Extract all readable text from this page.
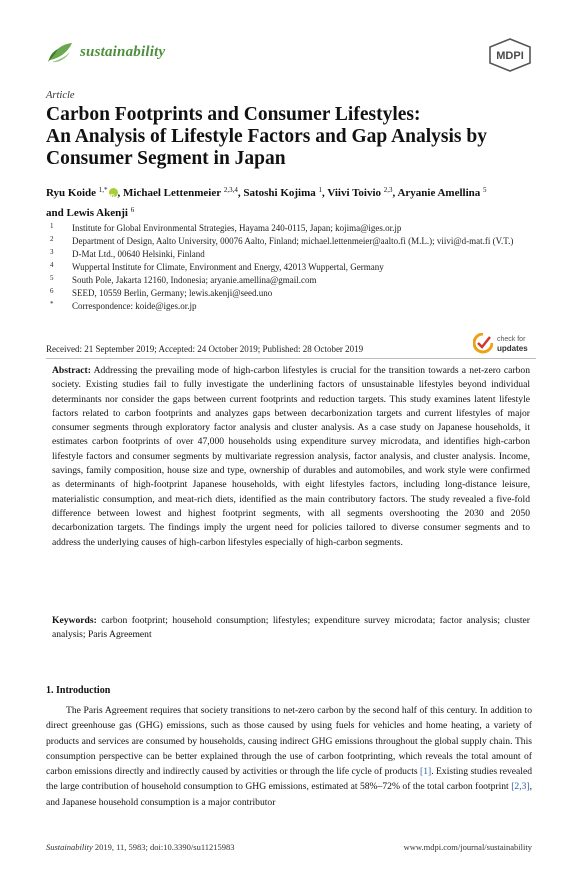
sustainability	MDPI
Article
Carbon Footprints and Consumer Lifestyles:
An Analysis of Lifestyle Factors and Gap Analysis by
Consumer Segment in Japan
Ryu Koide $^{1,*}$iD , Michael Lettenmeier $^{2,3,4}$, Satoshi Kojima $^1$, Viivi Toivio $^{2,3}$, Aryanie Amellina $^5$
and Lewis Akenji $^6$
1 Institute for Global Environmental Strategies, Hayama 240-0115, Japan; kojima@iges.or.jp
2 Department of Design, Aalto University, 00076 Aalto, Finland; michael.lettenmeier@aalto.fi (M.L.); viivi@d-mat.fi (V.T.)
3 D-Mat Ltd., 00640 Helsinki, Finland
4 Wuppertal Institute for Climate, Environment and Energy, 42013 Wuppertal, Germany
5 South Pole, Jakarta 12160, Indonesia; aryanie.amellina@gmail.com
6 SEED, 10559 Berlin, Germany; lewis.akenji@seed.uno
* Correspondence: koide@iges.or.jp
check for
updates
Received: 21 September 2019; Accepted: 24 October 2019; Published: 28 October 2019
Abstract: Addressing the prevailing mode of high-carbon lifestyles is crucial for the transition towards a net-zero carbon society. Existing studies fail to fully investigate the underlining factors of unsustainable lifestyles beyond individual determinants nor consider the gaps between current footprints and reduction targets. This study examines latent lifestyle factors related to carbon footprints and analyzes gaps between decarbonization targets and current lifestyles of major consumer segments through exploratory factor analysis and cluster analysis. As a case study on Japanese households, it estimates carbon footprints of over 47,000 households using expenditure survey microdata, and identifies high-carbon lifestyle factors and consumer segments by multivariate regression analysis, factor analysis, and cluster analysis. Income, savings, family composition, house size and type, ownership of durables and automobiles, and work style were confirmed as determinants of high-footprint Japanese households, with eight lifestyles factors, including long-distance leisure, materialistic consumption, and meat-rich diets, identified as the main contributory factors. The study revealed a five-fold difference between lowest and highest footprint segments, with all segments overshooting the 2030 and 2050 decarbonization targets. The findings imply the urgent need for policies tailored to diverse consumer segments and to address the underlying causes of high-carbon lifestyles especially of high-carbon segments.
Keywords: carbon footprint; household consumption; lifestyles; expenditure survey microdata; factor analysis; cluster analysis; Paris Agreement
1. Introduction
The Paris Agreement requires that society transitions to net-zero carbon by the second half of this century. In addition to direct greenhouse gas (GHG) emissions, such as those caused by using fuels for vehicles and home heating, a variety of products and services are consumed by households, causing indirect GHG emissions throughout the global supply chain. This consumption perspective can be better explained through the use of carbon footprinting, which reveals the total amount of carbon emissions directly and indirectly caused by activities or through the life cycle of products [1]. Existing studies revealed the large contribution of household consumption to GHG emissions, estimated at 58%–72% of the total carbon footprint [2,3], and Japanese household consumption is a major contributor
Sustainability 2019, 11, 5983; doi:10.3390/su11215983	www.mdpi.com/journal/sustainability
